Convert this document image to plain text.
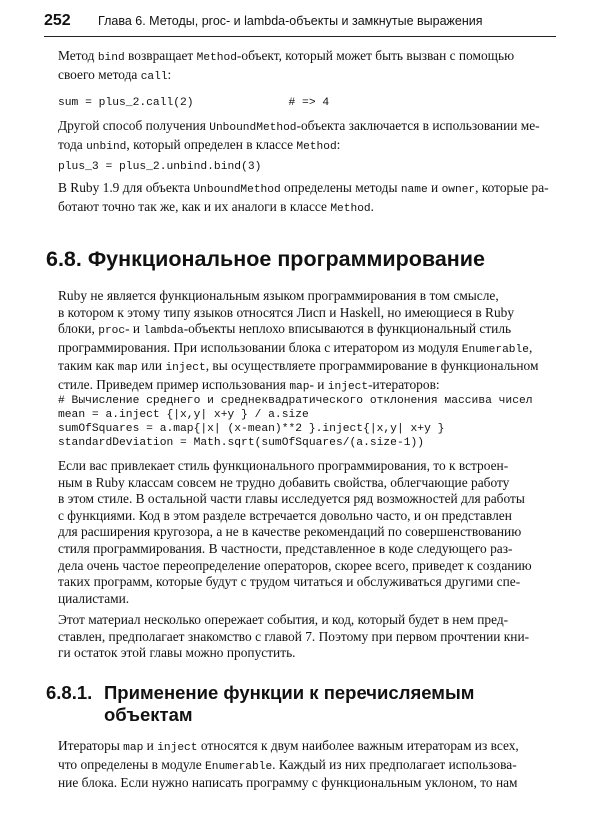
252 Глава 6. Методы, proc- и lambda-объекты и замкнутые выражения
Метод bind возвращает Method-объект, который может быть вызван с помощью
своего метода call:
sum = plus_2.call(2)              # => 4
Другой способ получения UnboundMethod-объекта заключается в использовании ме-
тода unbind, который определен в классе Method:
plus_3 = plus_2.unbind.bind(3)
В Ruby 1.9 для объекта UnboundMethod определены методы name и owner, которые ра-
ботают точно так же, как и их аналоги в классе Method.
6.8. Функциональное программирование
Ruby не является функциональным языком программирования в том смысле,
в котором к этому типу языков относятся Лисп и Haskell, но имеющиеся в Ruby
блоки, proc- и lambda-объекты неплохо вписываются в функциональный стиль
программирования. При использовании блока с итератором из модуля Enumerable,
таким как map или inject, вы осуществляете программирование в функциональном
стиле. Приведем пример использования map- и inject-итераторов:
# Вычисление среднего и среднеквадратического отклонения массива чисел
mean = a.inject {|x,y| x+y } / a.size
sumOfSquares = a.map{|x| (x-mean)**2 }.inject{|x,y| x+y }
standardDeviation = Math.sqrt(sumOfSquares/(a.size-1))
Если вас привлекает стиль функционального программирования, то к встроен-
ным в Ruby классам совсем не трудно добавить свойства, облегчающие работу
в этом стиле. В остальной части главы исследуется ряд возможностей для работы
с функциями. Код в этом разделе встречается довольно часто, и он представлен
для расширения кругозора, а не в качестве рекомендаций по совершенствованию
стиля программирования. В частности, представленное в коде следующего раз-
дела очень частое переопределение операторов, скорее всего, приведет к созданию
таких программ, которые будут с трудом читаться и обслуживаться другими спе-
циалистами.
Этот материал несколько опережает события, и код, который будет в нем пред-
ставлен, предполагает знакомство с главой 7. Поэтому при первом прочтении кни-
ги остаток этой главы можно пропустить.
6.8.1. Применение функции к перечисляемым
объектам
Итераторы map и inject относятся к двум наиболее важным итераторам из всех,
что определены в модуле Enumerable. Каждый из них предполагает использова-
ние блока. Если нужно написать программу с функциональным уклоном, то нам
